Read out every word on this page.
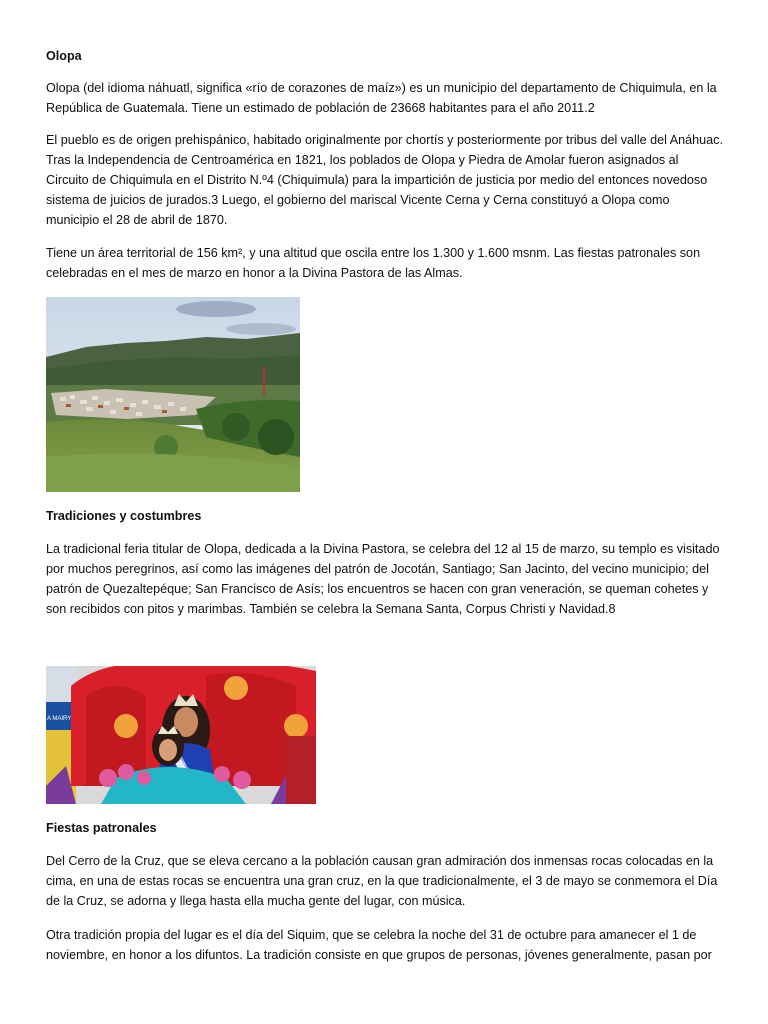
Olopa

Olopa (del idioma náhuatl, significa «río de corazones de maíz») es un municipio del departamento de Chiquimula, en la República de Guatemala. Tiene un estimado de población de 23668 habitantes para el año 2011.2

El pueblo es de origen prehispánico, habitado originalmente por chortís y posteriormente por tribus del valle del Anáhuac. Tras la Independencia de Centroamérica en 1821, los poblados de Olopa y Piedra de Amolar fueron asignados al Circuito de Chiquimula en el Distrito N.º4 (Chiquimula) para la impartición de justicia por medio del entonces novedoso sistema de juicios de jurados.3 Luego, el gobierno del mariscal Vicente Cerna y Cerna constituyó a Olopa como municipio el 28 de abril de 1870.

Tiene un área territorial de 156 km², y una altitud que oscila entre los 1.300 y 1.600 msnm. Las fiestas patronales son celebradas en el mes de marzo en honor a la Divina Pastora de las Almas.

Tradiciones y costumbres

La tradicional feria titular de Olopa, dedicada a la Divina Pastora, se celebra del 12 al 15 de marzo, su templo es visitado por muchos peregrinos, así como las imágenes del patrón de Jocotán, Santiago; San Jacinto, del vecino municipio; del patrón de Quezaltepéque; San Francisco de Asís; los encuentros se hacen con gran veneración, se queman cohetes y son recibidos con pitos y marimbas. También se celebra la Semana Santa, Corpus Christi y Navidad.8

A MAIRY
Fiestas patronales

Del Cerro de la Cruz, que se eleva cercano a la población causan gran admiración dos inmensas rocas colocadas en la cima, en una de estas rocas se encuentra una gran cruz, en la que tradicionalmente, el 3 de mayo se conmemora el Día de la Cruz, se adorna y llega hasta ella mucha gente del lugar, con música.

Otra tradición propia del lugar es el día del Siquim, que se celebra la noche del 31 de octubre para amanecer el 1 de noviembre, en honor a los difuntos. La tradición consiste en que grupos de personas, jóvenes generalmente, pasan por
